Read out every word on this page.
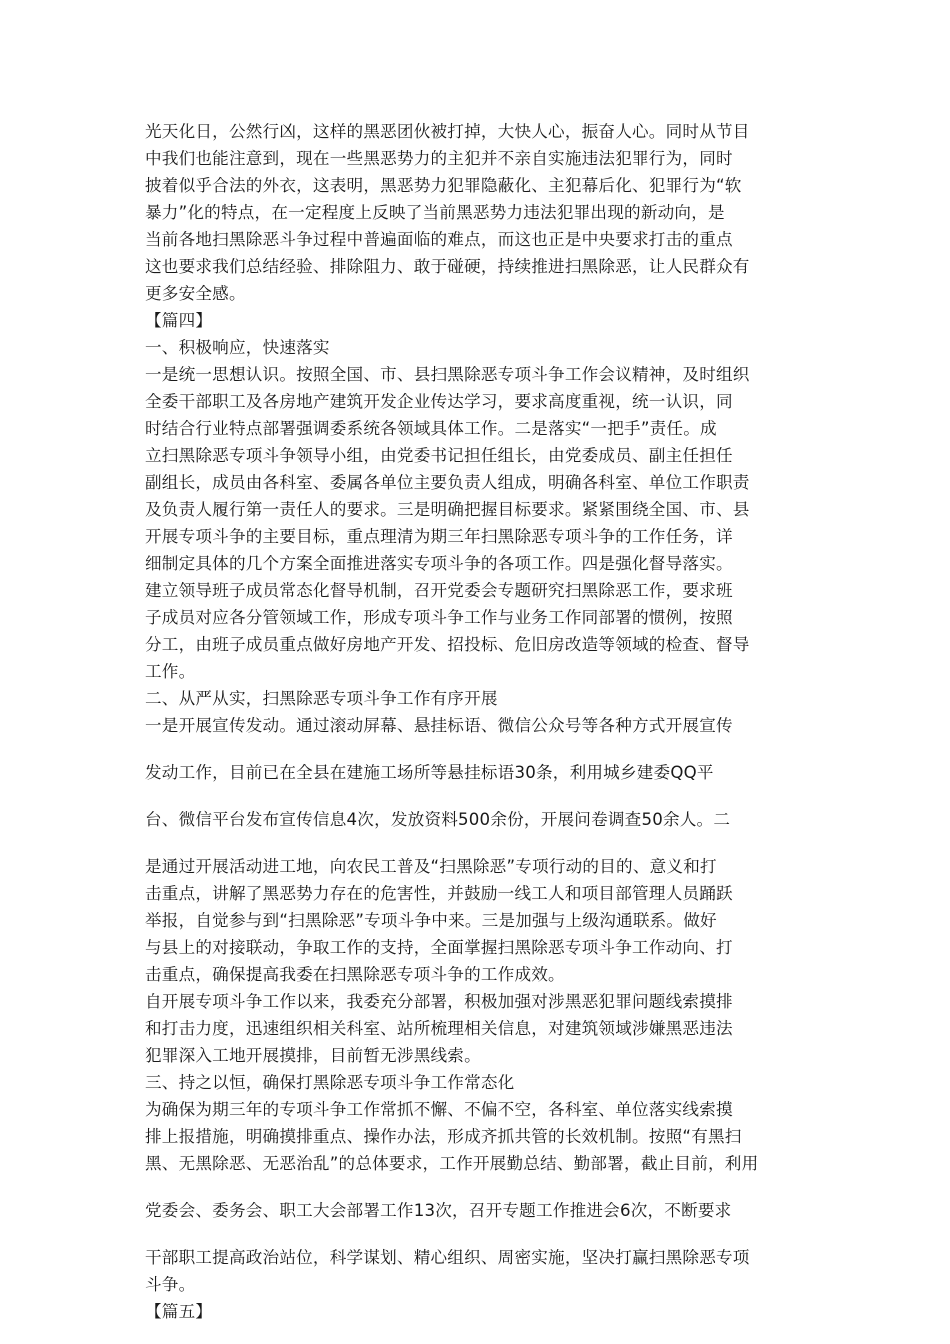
光天化日，公然行凶，这样的黑恶团伙被打掉，大快人心，振奋人心。同时从节目
中我们也能注意到，现在一些黑恶势力的主犯并不亲自实施违法犯罪行为，同时
披着似乎合法的外衣，这表明，黑恶势力犯罪隐蔽化、主犯幕后化、犯罪行为“软
暴力”化的特点，在一定程度上反映了当前黑恶势力违法犯罪出现的新动向，是
当前各地扫黑除恶斗争过程中普遍面临的难点，而这也正是中央要求打击的重点
这也要求我们总结经验、排除阻力、敢于碰硬，持续推进扫黑除恶，让人民群众有
更多安全感。
【篇四】
一、积极响应，快速落实
一是统一思想认识。按照全国、市、县扫黑除恶专项斗争工作会议精神，及时组织
全委干部职工及各房地产建筑开发企业传达学习，要求高度重视，统一认识，同
时结合行业特点部署强调委系统各领域具体工作。二是落实“一把手”责任。成
立扫黑除恶专项斗争领导小组，由党委书记担任组长，由党委成员、副主任担任
副组长，成员由各科室、委属各单位主要负责人组成，明确各科室、单位工作职责
及负责人履行第一责任人的要求。三是明确把握目标要求。紧紧围绕全国、市、县
开展专项斗争的主要目标，重点理清为期三年扫黑除恶专项斗争的工作任务，详
细制定具体的几个方案全面推进落实专项斗争的各项工作。四是强化督导落实。
建立领导班子成员常态化督导机制，召开党委会专题研究扫黑除恶工作，要求班
子成员对应各分管领域工作，形成专项斗争工作与业务工作同部署的惯例，按照
分工，由班子成员重点做好房地产开发、招投标、危旧房改造等领域的检查、督导
工作。
二、从严从实，扫黑除恶专项斗争工作有序开展
一是开展宣传发动。通过滚动屏幕、悬挂标语、微信公众号等各种方式开展宣传
发动工作，目前已在全县在建施工场所等悬挂标语30条，利用城乡建委QQ平
台、微信平台发布宣传信息4次，发放资料500余份，开展问卷调查50余人。二
是通过开展活动进工地，向农民工普及“扫黑除恶”专项行动的目的、意义和打
击重点，讲解了黑恶势力存在的危害性，并鼓励一线工人和项目部管理人员踊跃
举报，自觉参与到“扫黑除恶”专项斗争中来。三是加强与上级沟通联系。做好
与县上的对接联动，争取工作的支持，全面掌握扫黑除恶专项斗争工作动向、打
击重点，确保提高我委在扫黑除恶专项斗争的工作成效。
自开展专项斗争工作以来，我委充分部署，积极加强对涉黑恶犯罪问题线索摸排
和打击力度，迅速组织相关科室、站所梳理相关信息，对建筑领域涉嫌黑恶违法
犯罪深入工地开展摸排，目前暂无涉黑线索。
三、持之以恒，确保打黑除恶专项斗争工作常态化
为确保为期三年的专项斗争工作常抓不懈、不偏不空，各科室、单位落实线索摸
排上报措施，明确摸排重点、操作办法，形成齐抓共管的长效机制。按照“有黑扫
黑、无黑除恶、无恶治乱”的总体要求，工作开展勤总结、勤部署，截止目前，利用
党委会、委务会、职工大会部署工作13次，召开专题工作推进会6次，不断要求
干部职工提高政治站位，科学谋划、精心组织、周密实施，坚决打赢扫黑除恶专项
斗争。
【篇五】
